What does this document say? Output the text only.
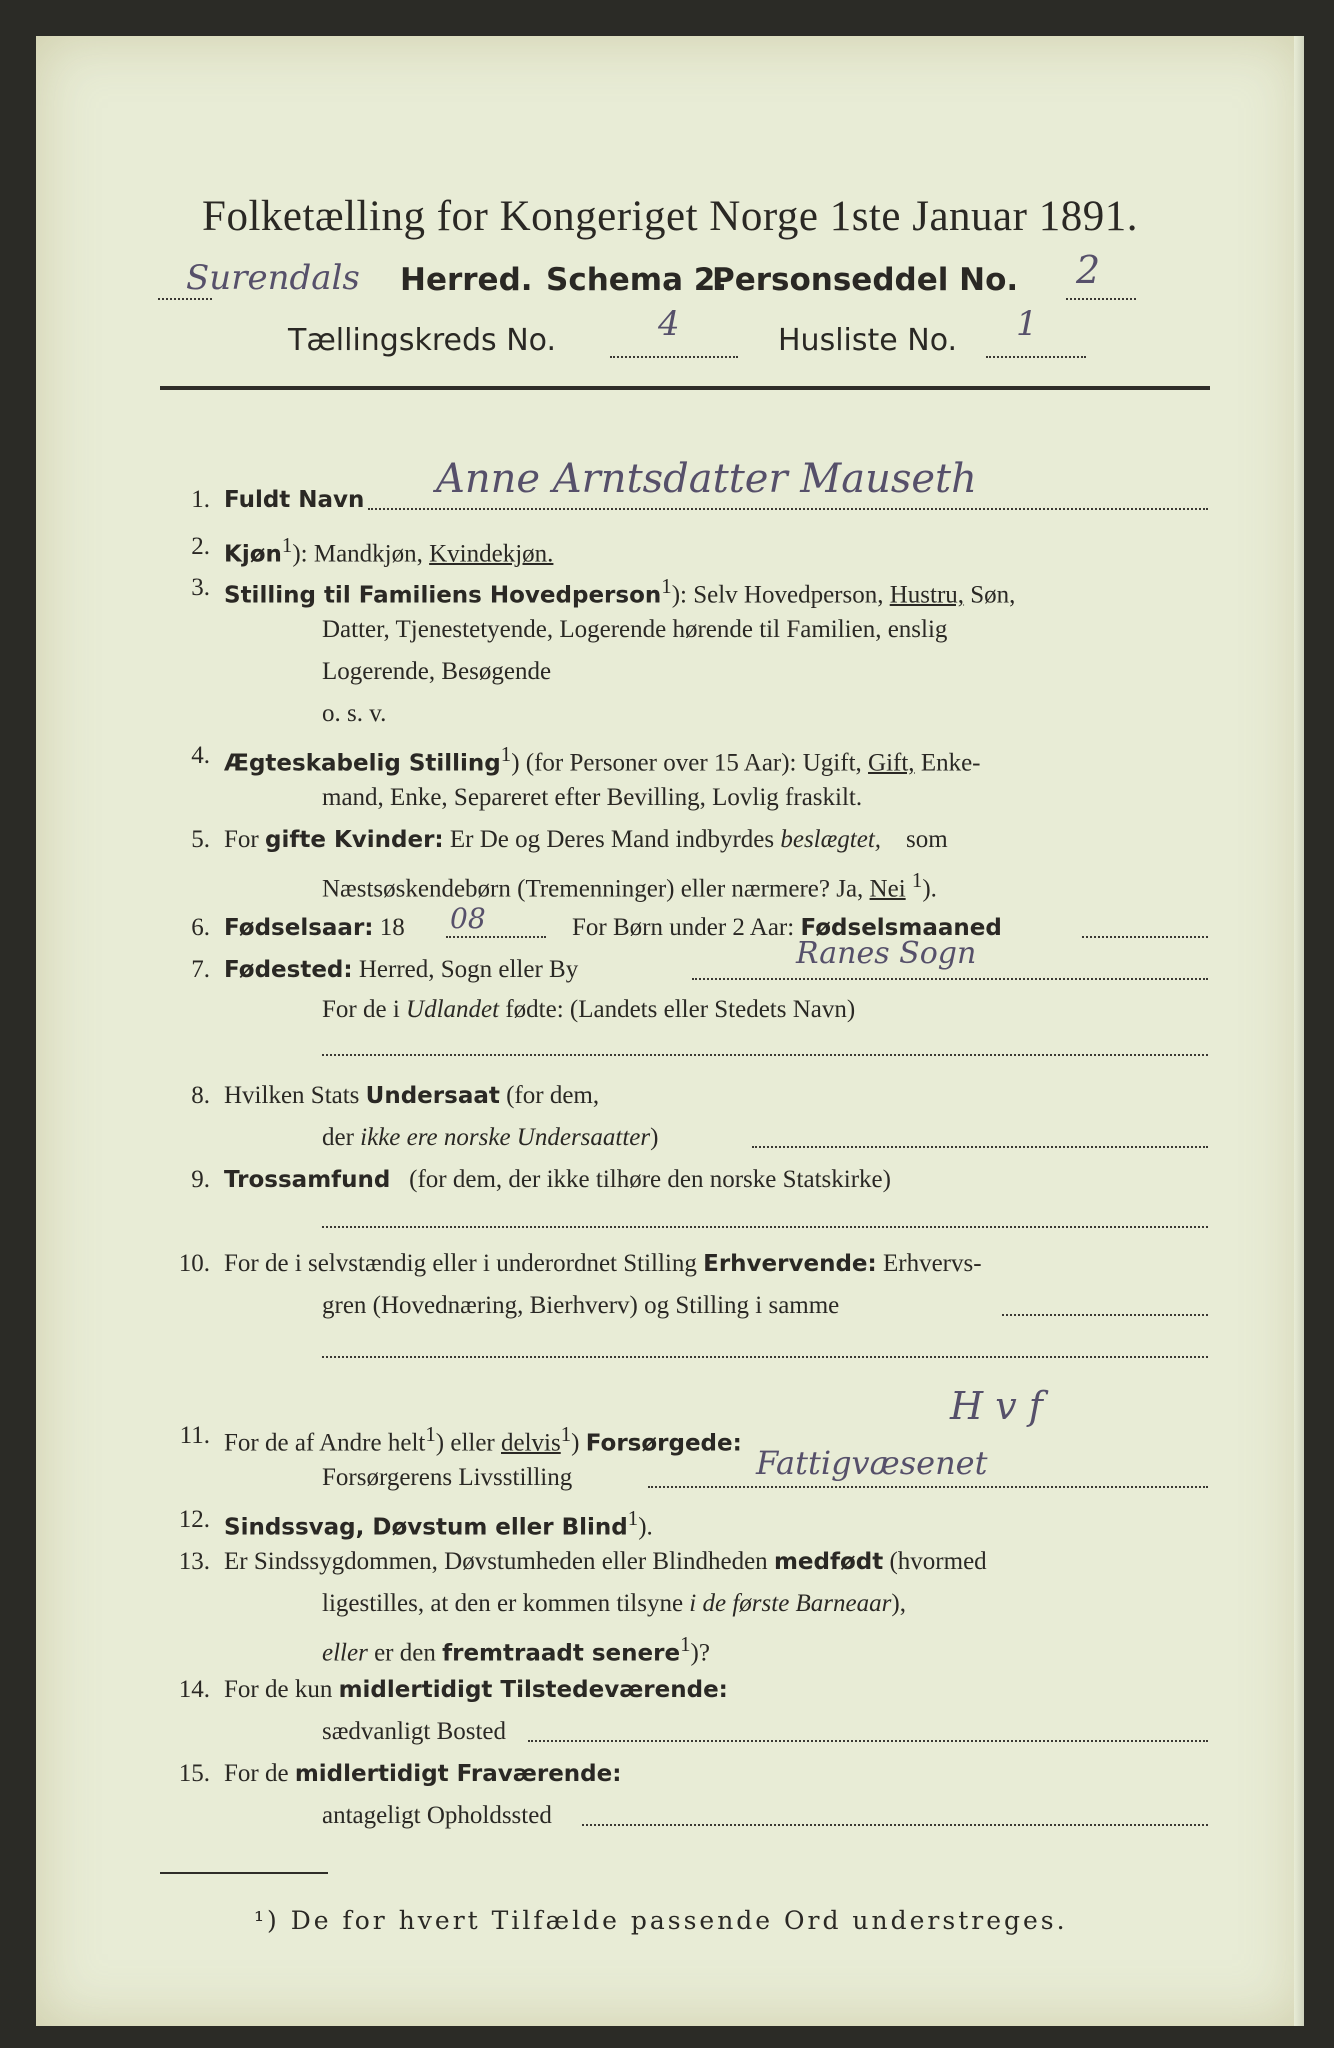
Folketælling for Kongeriget Norge 1ste Januar 1891.
Surendals Herred. Schema 2.
Personseddel No. 2
Tællingskreds No.	4	Husliste No. 1
1. Fuldt Navn Anne Arntsdatter Mauseth
2. Kjøn$^1$): Mandkjøn, Kvindekjøn.
3. Stilling til Familiens Hovedperson$^1$): Selv Hovedperson, Hustru, Søn,
Datter, Tjenestetyende, Logerende hørende til Familien, enslig
Logerende, Besøgende
o. s. v.
4. Ægteskabelig Stilling$^1$) (for Personer over 15 Aar): Ugift, Gift, Enke-
mand, Enke, Separeret efter Bevilling, Lovlig fraskilt.
5. For gifte Kvinder: Er De og Deres Mand indbyrdes beslægtet, som
Næstsøskendebørn (Tremenninger) eller nærmere? Ja, Nei $^1$).
6. Fødselsaar: 18 08	For Børn under 2 Aar: Fødselsmaaned
7. Fødested: Herred, Sogn eller By	Ranes Sogn
For de i Udlandet fødte: (Landets eller Stedets Navn)
8. Hvilken Stats Undersaat (for dem,
der ikke ere norske Undersaatter)
9. Trossamfund (for dem, der ikke tilhøre den norske Statskirke)
10. For de i selvstændig eller i underordnet Stilling Erhvervende: Erhvervs-
gren (Hovednæring, Bierhverv) og Stilling i samme
11. For de af Andre helt$^1$) eller delvis$^1$) Forsørgede:
H v f
Forsørgerens Livsstilling	Fattigvæsenet
12. Sindssvag, Døvstum eller Blind$^1$).
13. Er Sindssygdommen, Døvstumheden eller Blindheden medfødt (hvormed
ligestilles, at den er kommen tilsyne i de første Barneaar),
eller er den fremtraadt senere$^1$)?
14. For de kun midlertidigt Tilstedeværende:
sædvanligt Bosted
15. For de midlertidigt Fraværende:
antageligt Opholdssted
¹) De for hvert Tilfælde passende Ord understreges.
